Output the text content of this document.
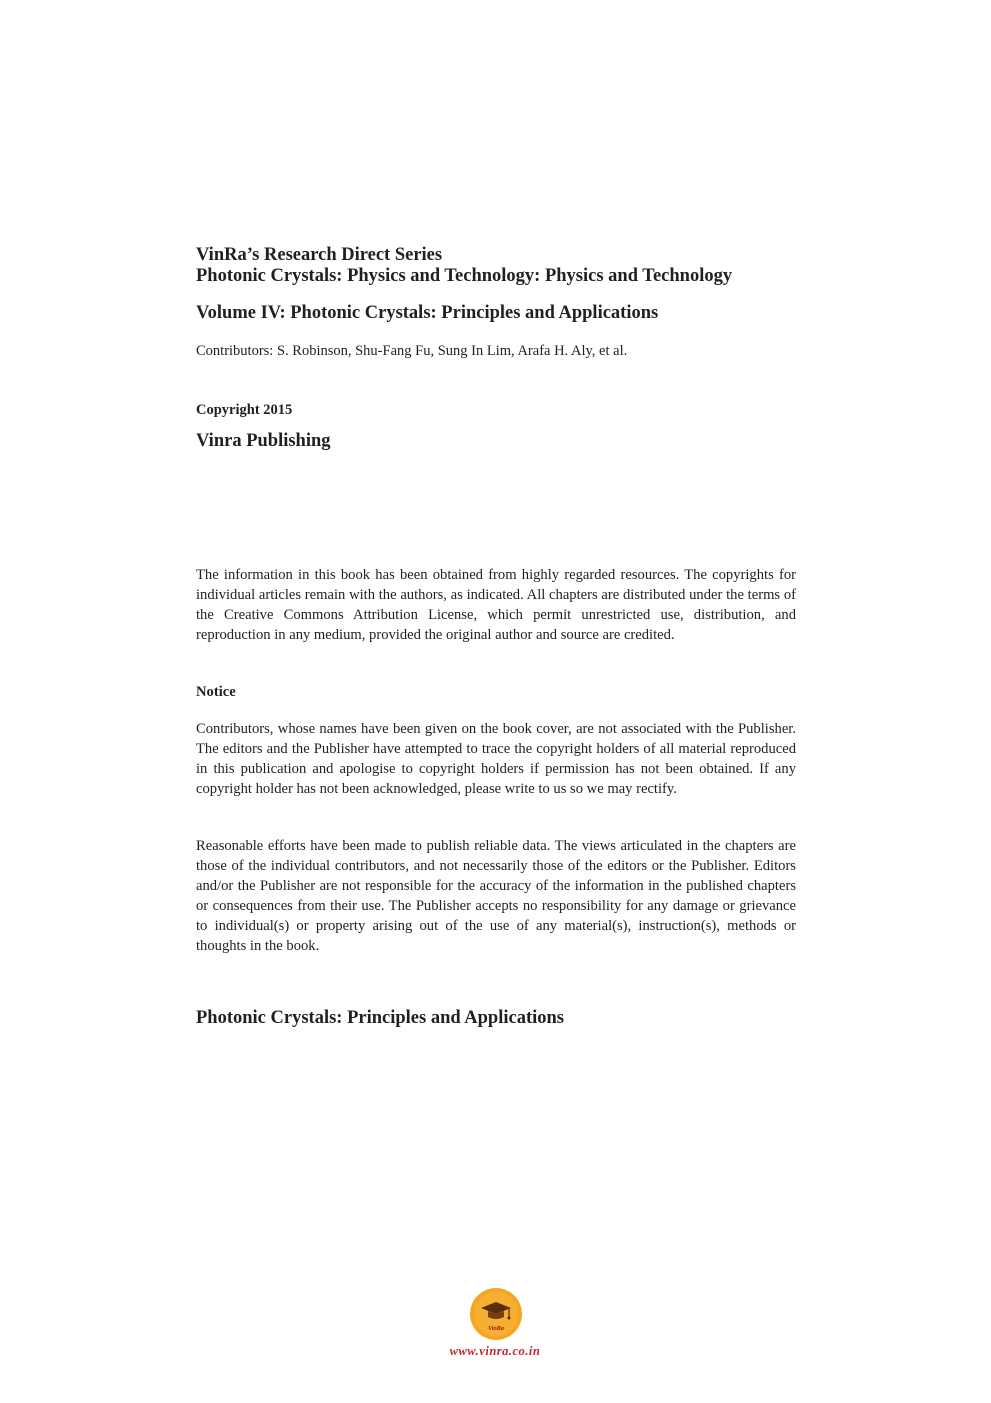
VinRa’s Research Direct Series

Photonic Crystals: Physics and Technology: Physics and Technology

Volume IV: Photonic Crystals: Principles and Applications

Contributors: S. Robinson, Shu-Fang Fu, Sung In Lim, Arafa H. Aly, et al.

Copyright 2015

Vinra Publishing

The information in this book has been obtained from highly regarded resources. The copyrights for individual articles remain with the authors, as indicated. All chapters are distributed under the terms of the Creative Commons Attribution License, which permit unrestricted use, distribution, and reproduction in any medium, provided the original author and source are credited.

Notice

Contributors, whose names have been given on the book cover, are not associated with the Publisher. The editors and the Publisher have attempted to trace the copyright holders of all material reproduced in this publication and apologise to copyright holders if permission has not been obtained. If any copyright holder has not been acknowledged, please write to us so we may rectify.

Reasonable efforts have been made to publish reliable data. The views articulated in the chapters are those of the individual contributors, and not necessarily those of the editors or the Publisher. Editors and/or the Publisher are not responsible for the accuracy of the information in the published chapters or consequences from their use. The Publisher accepts no responsibility for any damage or grievance to individual(s) or property arising out of the use of any material(s), instruction(s), methods or thoughts in the book.

Photonic Crystals: Principles and Applications

VinRa
www.vinra.co.in
